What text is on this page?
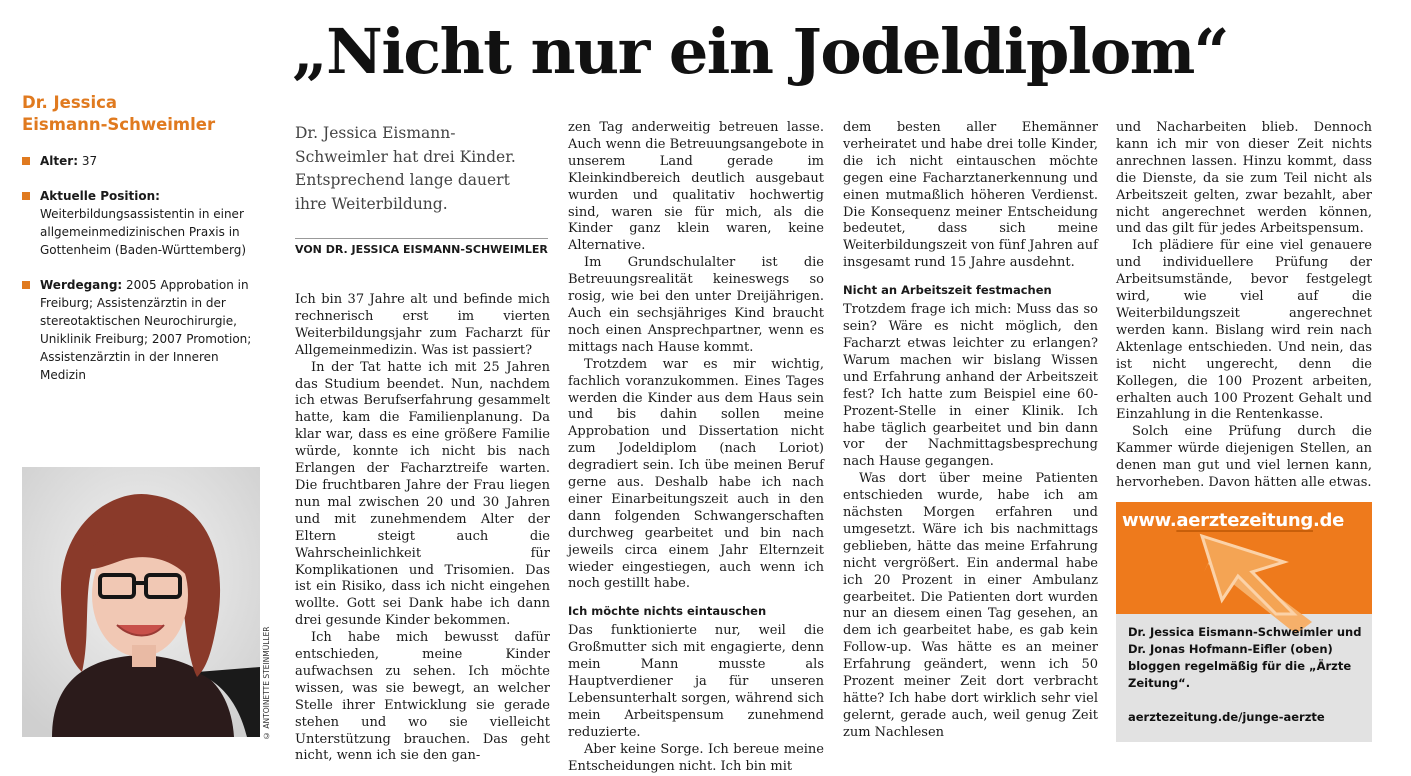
„Nicht nur ein Jodeldiplom“
Dr. Jessica
Eismann-Schweimler
Alter: 37
Aktuelle Position: Weiterbildungsassistentin in einer allgemeinmedizinischen Praxis in Gottenheim (Baden-Württemberg)
Werdegang: 2005 Approbation in Freiburg; Assistenzärztin in der stereotaktischen Neurochirurgie, Uniklinik Freiburg; 2007 Promotion; Assistenzärztin in der Inneren Medizin
© ANTOINETTE STEINMÜLLER
Dr. Jessica Eismann-Schweimler hat drei Kinder. Entsprechend lange dauert ihre Weiterbildung.
VON DR. JESSICA EISMANN-SCHWEIMLER

Ich bin 37 Jahre alt und befinde mich rechnerisch erst im vierten Weiterbildungsjahr zum Facharzt für Allgemeinmedizin. Was ist passiert?

In der Tat hatte ich mit 25 Jahren das Studium beendet. Nun, nachdem ich etwas Berufserfahrung gesammelt hatte, kam die Familienplanung. Da klar war, dass es eine größere Familie würde, konnte ich nicht bis nach Erlangen der Facharztreife warten. Die fruchtbaren Jahre der Frau liegen nun mal zwischen 20 und 30 Jahren und mit zunehmendem Alter der Eltern steigt auch die Wahrscheinlichkeit für Komplikationen und Trisomien. Das ist ein Risiko, dass ich nicht eingehen wollte. Gott sei Dank habe ich dann drei gesunde Kinder bekommen.

Ich habe mich bewusst dafür entschieden, meine Kinder aufwachsen zu sehen. Ich möchte wissen, was sie bewegt, an welcher Stelle ihrer Entwicklung sie gerade stehen und wo sie vielleicht Unterstützung brauchen. Das geht nicht, wenn ich sie den gan-

zen Tag anderweitig betreuen lasse. Auch wenn die Betreuungsangebote in unserem Land gerade im Kleinkindbereich deutlich ausgebaut wurden und qualitativ hochwertig sind, waren sie für mich, als die Kinder ganz klein waren, keine Alternative.

Im Grundschulalter ist die Betreuungsrealität keineswegs so rosig, wie bei den unter Dreijährigen. Auch ein sechsjähriges Kind braucht noch einen Ansprechpartner, wenn es mittags nach Hause kommt.

Trotzdem war es mir wichtig, fachlich voranzukommen. Eines Tages werden die Kinder aus dem Haus sein und bis dahin sollen meine Approbation und Dissertation nicht zum Jodeldiplom (nach Loriot) degradiert sein. Ich übe meinen Beruf gerne aus. Deshalb habe ich nach einer Einarbeitungszeit auch in den dann folgenden Schwangerschaften durchweg gearbeitet und bin nach jeweils circa einem Jahr Elternzeit wieder eingestiegen, auch wenn ich noch gestillt habe.

Ich möchte nichts eintauschen

Das funktionierte nur, weil die Großmutter sich mit engagierte, denn mein Mann musste als Hauptverdiener ja für unseren Lebensunterhalt sorgen, während sich mein Arbeitspensum zunehmend reduzierte.

Aber keine Sorge. Ich bereue meine Entscheidungen nicht. Ich bin mit

dem besten aller Ehemänner verheiratet und habe drei tolle Kinder, die ich nicht eintauschen möchte gegen eine Facharztanerkennung und einen mutmaßlich höheren Verdienst. Die Konsequenz meiner Entscheidung bedeutet, dass sich meine Weiterbildungszeit von fünf Jahren auf insgesamt rund 15 Jahre ausdehnt.

Nicht an Arbeitszeit festmachen

Trotzdem frage ich mich: Muss das so sein? Wäre es nicht möglich, den Facharzt etwas leichter zu erlangen? Warum machen wir bislang Wissen und Erfahrung anhand der Arbeitszeit fest? Ich hatte zum Beispiel eine 60-Prozent-Stelle in einer Klinik. Ich habe täglich gearbeitet und bin dann vor der Nachmittagsbesprechung nach Hause gegangen.

Was dort über meine Patienten entschieden wurde, habe ich am nächsten Morgen erfahren und umgesetzt. Wäre ich bis nachmittags geblieben, hätte das meine Erfahrung nicht vergrößert. Ein andermal habe ich 20 Prozent in einer Ambulanz gearbeitet. Die Patienten dort wurden nur an diesem einen Tag gesehen, an dem ich gearbeitet habe, es gab kein Follow-up. Was hätte es an meiner Erfahrung geändert, wenn ich 50 Prozent meiner Zeit dort verbracht hätte? Ich habe dort wirklich sehr viel gelernt, gerade auch, weil genug Zeit zum Nachlesen

und Nacharbeiten blieb. Dennoch kann ich mir von dieser Zeit nichts anrechnen lassen. Hinzu kommt, dass die Dienste, da sie zum Teil nicht als Arbeitszeit gelten, zwar bezahlt, aber nicht angerechnet werden können, und das gilt für jedes Arbeitspensum.

Ich plädiere für eine viel genauere und individuellere Prüfung der Arbeitsumstände, bevor festgelegt wird, wie viel auf die Weiterbildungszeit angerechnet werden kann. Bislang wird rein nach Aktenlage entschieden. Und nein, das ist nicht ungerecht, denn die Kollegen, die 100 Prozent arbeiten, erhalten auch 100 Prozent Gehalt und Einzahlung in die Rentenkasse.

Solch eine Prüfung durch die Kammer würde diejenigen Stellen, an denen man gut und viel lernen kann, hervorheben. Davon hätten alle etwas.

www.aerztezeitung.de
Dr. Jessica Eismann-Schweimler und Dr. Jonas Hofmann-Eifler (oben) bloggen regelmäßig für die „Ärzte Zeitung“.
aerztezeitung.de/junge-aerzte
